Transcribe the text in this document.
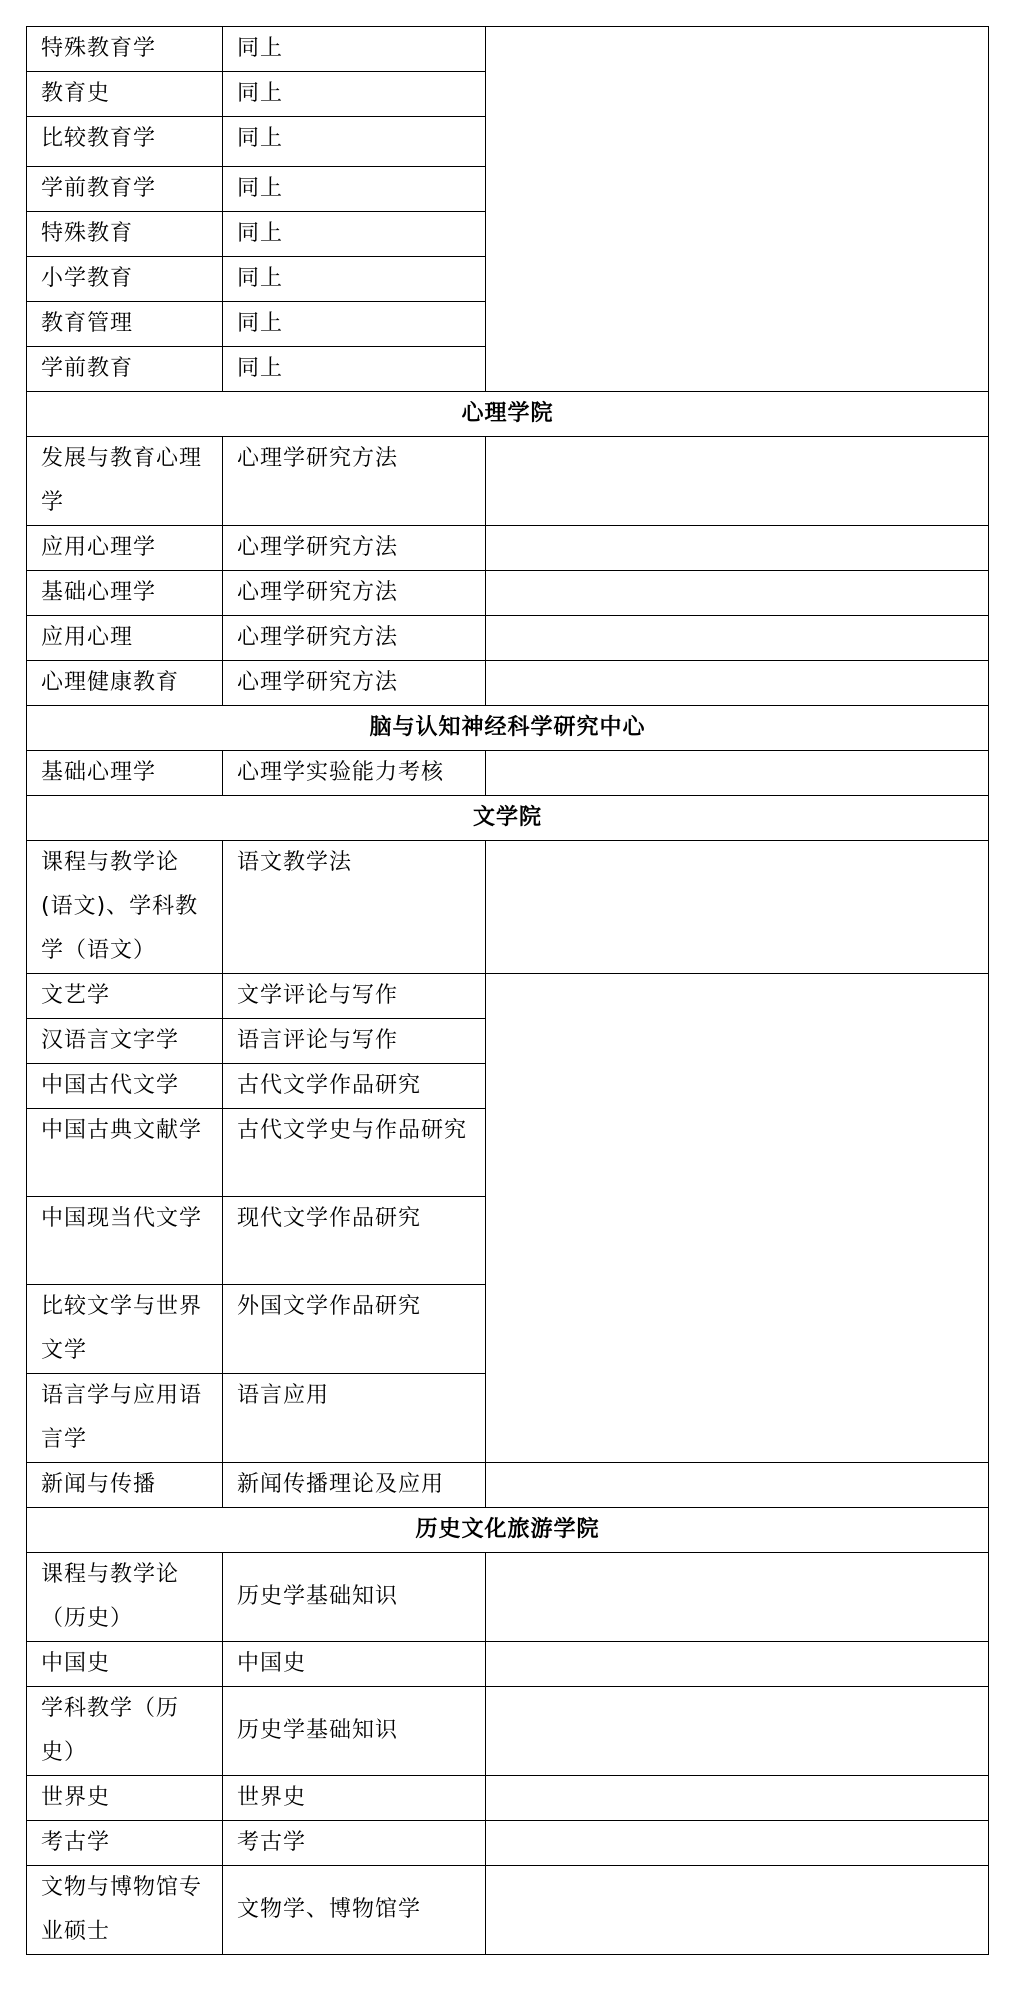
特殊教育学	同上	
教育史	同上	
比较教育学	同上	
学前教育学	同上	
特殊教育	同上	
小学教育	同上	
教育管理	同上	
学前教育	同上	
心理学院		
发展与教育心理学	心理学研究方法	
应用心理学	心理学研究方法	
基础心理学	心理学研究方法	
应用心理	心理学研究方法	
心理健康教育	心理学研究方法	
脑与认知神经科学研究中心		
基础心理学	心理学实验能力考核	
文学院		
课程与教学论(语文)、学科教学（语文）	语文教学法	
文艺学	文学评论与写作	
汉语言文字学	语言评论与写作	
中国古代文学	古代文学作品研究	
中国古典文献学	古代文学史与作品研究	
中国现当代文学	现代文学作品研究	
比较文学与世界文学	外国文学作品研究	
语言学与应用语言学	语言应用	
新闻与传播	新闻传播理论及应用	
历史文化旅游学院		
课程与教学论（历史）	历史学基础知识	
中国史	中国史	
学科教学（历史）	历史学基础知识	
世界史	世界史	
考古学	考古学	
文物与博物馆专业硕士	文物学、博物馆学	
